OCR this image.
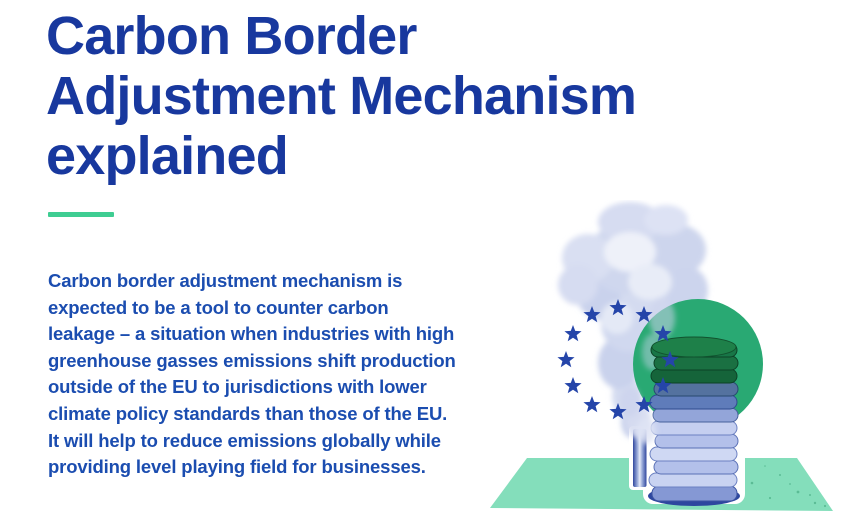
Carbon Border
Adjustment Mechanism
explained
Carbon border adjustment mechanism is
expected to be a tool to counter carbon
leakage – a situation when industries with high
greenhouse gasses emissions shift production
outside of the EU to jurisdictions with lower
climate policy standards than those of the EU.
It will help to reduce emissions globally while
providing level playing field for businesses.
